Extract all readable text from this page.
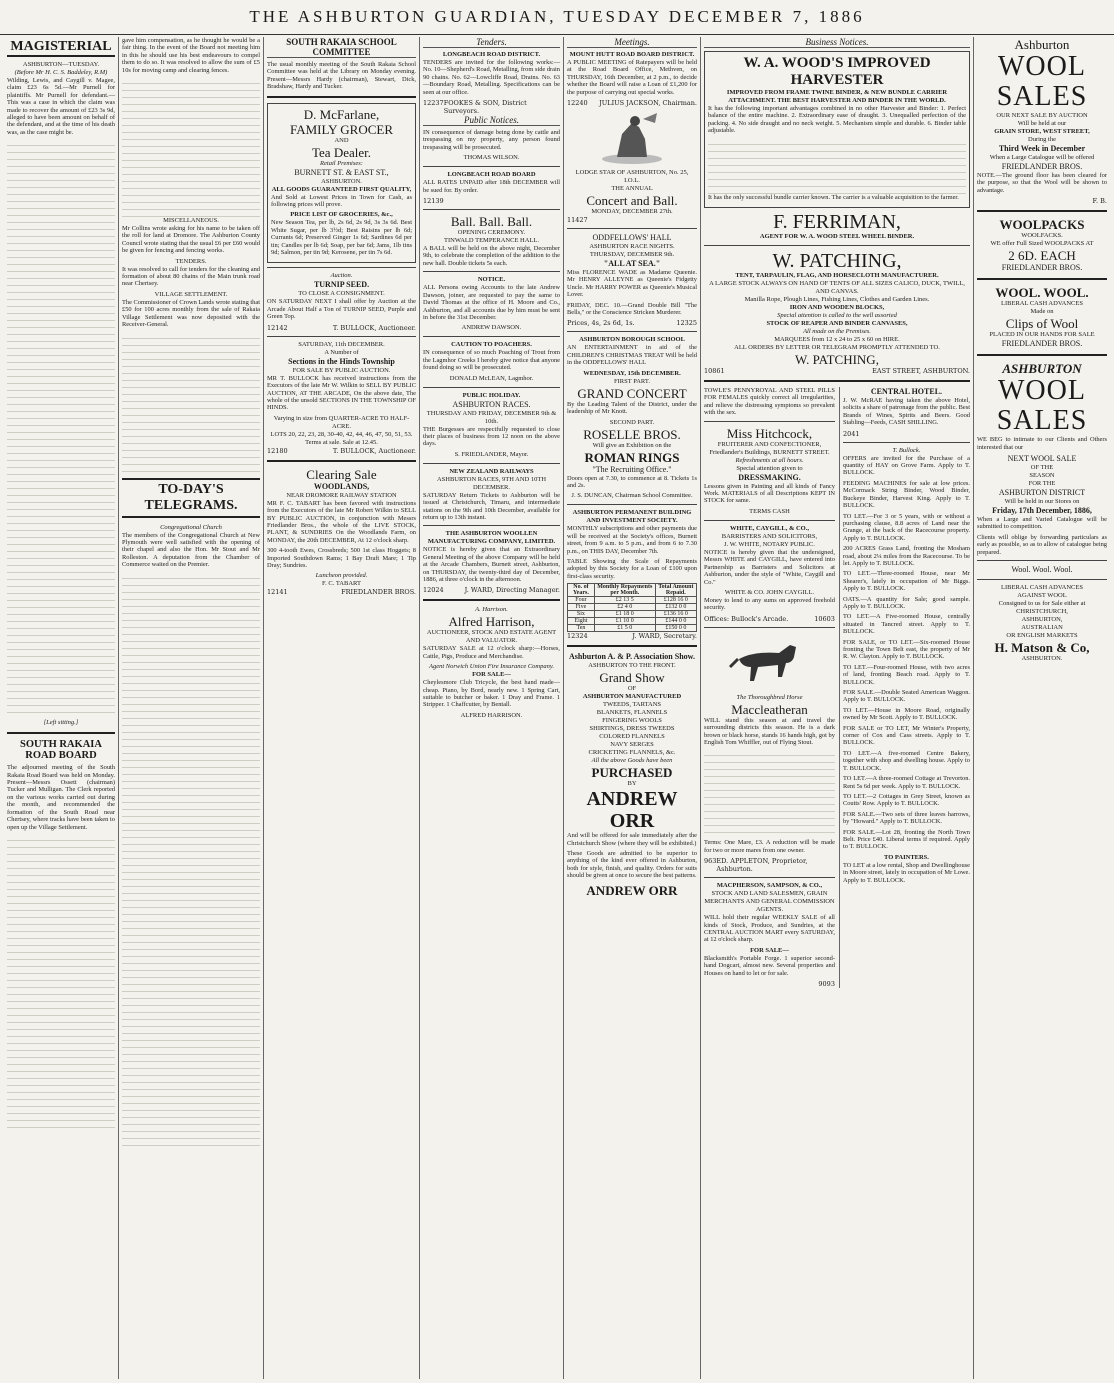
THE ASHBURTON GUARDIAN, TUESDAY DECEMBER 7, 1886
MAGISTERIAL
ASHBURTON—TUESDAY.
(Before Mr H. C. S. Baddeley, R.M)

Wilding, Lewis, and Caygill v. Magee, claim £23 6s 5d.—Mr Purnell for plaintiffs. Mr Purnell for defendant.—This was a case in which the claim was made to recover the amount of £23 3s 9d, alleged to have been amount on behalf of the defendant, and at the time of his death was, as the case might be.

[Left sitting.]
SOUTH RAKAIA ROAD BOARD

The adjourned meeting of the South Rakaia Road Board was held on Monday. Present—Messrs Ossett (chairman) Tucker and Mulligan. The Clerk reported on the various works carried out during the month, and recommended the formation of the South Road near Chertsey, where tracks have been taken to open up the Village Settlement.

gave him compensation, as he thought he would be a fair thing. In the event of the Board not meeting him in this he should use his best endeavours to compel them to do so. It was resolved to allow the sum of £5 10s for moving camp and clearing fences.

MISCELLANEOUS.

Mr Collins wrote asking for his name to be taken off the roll for land at Dromore. The Ashburton County Council wrote stating that the usual £6 per £60 would be given for fencing and fencing works.

TENDERS.

It was resolved to call for tenders for the cleaning and formation of about 80 chains of the Main trunk road near Chertsey.

VILLAGE SETTLEMENT.

The Commissioner of Crown Lands wrote stating that £50 for 100 acres monthly from the sale of Rakaia Village Settlement was now deposited with the Receiver-General.

TO-DAY'S TELEGRAMS.
Congregational Church

The members of the Congregational Church at New Plymouth were well satisfied with the opening of their chapel and also the Hon. Mr Stout and Mr Rolleston. A deputation from the Chamber of Commerce waited on the Premier.

SOUTH RAKAIA SCHOOL COMMITTEE

The usual monthly meeting of the South Rakaia School Committee was held at the Library on Monday evening. Present—Messrs Hardy (chairman), Stewart, Dick, Bradshaw, Hardy and Tucker.

D. McFarlane,
FAMILY GROCER
AND
Tea Dealer.
Retail Premises:
BURNETT ST. & EAST ST.,
ASHBURTON.
ALL GOODS GUARANTEED FIRST QUALITY,

And Sold at Lowest Prices in Town for Cash, as following prices will prove.

PRICE LIST OF GROCERIES, &c.,

New Season Tea, per lb, 2s 6d, 2s 9d, 3s 3s 6d. Best White Sugar, per lb 3½d; Best Raisins per lb 6d; Currants 6d; Preserved Ginger 1s 6d; Sardines 6d per tin; Candles per lb 6d; Soap, per bar 6d; Jams, 1lb tins 9d; Salmon, per tin 9d; Kerosene, per tin 7s 6d.

Auction.
TURNIP SEED.
TO CLOSE A CONSIGNMENT.

ON SATURDAY NEXT I shall offer by Auction at the Arcade About Half a Ton of TURNIP SEED, Purple and Green Top.

12142	T. BULLOCK, Auctioneer.
SATURDAY, 11th DECEMBER.
A Number of
Sections in the Hinds Township
FOR SALE BY PUBLIC AUCTION.

MR T. BULLOCK has received instructions from the Executors of the late Mr W. Wilkin to SELL BY PUBLIC AUCTION, AT THE ARCADE, On the above date, The whole of the unsold SECTIONS IN THE TOWNSHIP OF HINDS.

Varying in size from QUARTER-ACRE TO HALF-ACRE.
LOTS 20, 22, 23, 28, 30-40, 42, 44, 46, 47, 50, 51, 53.
Terms at sale. Sale at 12.45.
12180	T. BULLOCK, Auctioneer.
Clearing Sale
WOODLANDS,
NEAR DROMORE RAILWAY STATION

MR F. C. TABART has been favored with instructions from the Executors of the late Mr Robert Wilkin to SELL BY PUBLIC AUCTION, in conjunction with Messrs Friedlander Bros., the whole of the LIVE STOCK, PLANT, & SUNDRIES On the Woodlands Farm, on MONDAY, the 20th DECEMBER, At 12 o'clock sharp.

300 4-tooth Ewes, Crossbreds; 500 1st class Hoggets; 8 Imported Southdown Rams; 1 Bay Draft Mare; 1 Tip Dray; Sundries.

Luncheon provided.
F. C. TABART
12141	FRIEDLANDER BROS.
Tenders.
LONGBEACH ROAD DISTRICT.

TENDERS are invited for the following works:— No. 10—Shepherd's Road, Metalling, from side drain 90 chains. No. 62—Lowcliffe Road, Drains. No. 63—Boundary Road, Metalling. Specifications can be seen at our office.

12237 FOOKES & SON, District Surveyors.
Public Notices.

IN consequence of damage being done by cattle and trespassing on my property, any person found trespassing will be prosecuted.

THOMAS WILSON.
LONGBEACH ROAD BOARD

ALL RATES UNPAID after 18th DECEMBER will be sued for. By order.

12139
Ball. Ball. Ball.
OPENING CEREMONY.
TINWALD TEMPERANCE HALL.

A BALL will be held on the above night, December 9th, to celebrate the completion of the addition to the new hall. Double tickets 5s each.

NOTICE.

ALL Persons owing Accounts to the late Andrew Dawson, joiner, are requested to pay the same to David Thomas at the office of H. Moore and Co., Ashburton, and all accounts due by him must be sent in before the 31st December.

ANDREW DAWSON.
CAUTION TO POACHERS.

IN consequence of so much Poaching of Trout from the Lagmhor Creeks I hereby give notice that anyone found doing so will be prosecuted.

DONALD McLEAN, Lagmhor.
PUBLIC HOLIDAY.
ASHBURTON RACES.
THURSDAY AND FRIDAY, DECEMBER 9th & 10th.

THE Burgesses are respectfully requested to close their places of business from 12 noon on the above days.

S. FRIEDLANDER, Mayor.
NEW ZEALAND RAILWAYS
ASHBURTON RACES, 9TH AND 10TH DECEMBER.

SATURDAY Return Tickets to Ashburton will be issued at Christchurch, Timaru, and intermediate stations on the 9th and 10th December, available for return up to 13th instant.

THE ASHBURTON WOOLLEN MANUFACTURING COMPANY, LIMITED.

NOTICE is hereby given that an Extraordinary General Meeting of the above Company will be held at the Arcade Chambers, Burnett street, Ashburton, on THURSDAY, the twenty-third day of December, 1886, at three o'clock in the afternoon.

12024	J. WARD, Directing Manager.
A. Harrison.
Alfred Harrison,
AUCTIONEER, STOCK AND ESTATE AGENT AND VALUATOR.

SATURDAY SALE at 12 o'clock sharp:—Horses, Cattle, Pigs, Produce and Merchandise.

Agent Norwich Union Fire Insurance Company.
FOR SALE—

Cheylesmore Club Tricycle, the best hand made—cheap. Piano, by Bord, nearly new. 1 Spring Cart, suitable to butcher or baker. 1 Dray and Frame. 1 Stripper. 1 Chaffcutter, by Bentall.

ALFRED HARRISON.
Meetings.
MOUNT HUTT ROAD BOARD DISTRICT.

A PUBLIC MEETING of Ratepayers will be held at the Road Board Office, Methven, on THURSDAY, 16th December, at 2 p.m., to decide whether the Board will raise a Loan of £1,200 for the purpose of carrying out special works.

12240 JULIUS JACKSON, Chairman.
LODGE STAR OF ASHBURTON, No. 25, I.O.L.
THE ANNUAL
Concert and Ball.
MONDAY, DECEMBER 27th.
11427
ODDFELLOWS' HALL
ASHBURTON RACE NIGHTS.
THURSDAY, DECEMBER 9th.
"ALL AT SEA."

Miss FLORENCE WADE as Madame Queenie. Mr HENRY ALLEYNE as Queenie's Fidgetty Uncle. Mr HARRY POWER as Queenie's Musical Lover.

FRIDAY, DEC. 10.—Grand Double Bill "The Bells," or the Conscience Stricken Murderer.

Prices, 4s, 2s 6d, 1s.	12325
ASHBURTON BOROUGH SCHOOL

AN ENTERTAINMENT in aid of the CHILDREN'S CHRISTMAS TREAT Will be held in the ODDFELLOWS' HALL

WEDNESDAY, 15th DECEMBER.
FIRST PART.
GRAND CONCERT

By the Leading Talent of the District, under the leadership of Mr Knott.

SECOND PART.
ROSELLE BROS.
Will give an Exhibition on the
ROMAN RINGS
"The Recruiting Office."

Doors open at 7.30, to commence at 8. Tickets 1s and 2s.

J. S. DUNCAN, Chairman School Committee.
ASHBURTON PERMANENT BUILDING AND INVESTMENT SOCIETY.

MONTHLY subscriptions and other payments due will be received at the Society's offices, Burnett street, from 9 a.m. to 5 p.m., and from 6 to 7.30 p.m., on THIS DAY, December 7th.

TABLE Showing the Scale of Repayments adopted by this Society for a Loan of £100 upon first-class security.

No. of Years.	Monthly Repayments per Month.	Total Amount Repaid.
Four	£2 13 5	£128 16 0
Five	£2 4 0	£132 0 0
Six	£1 18 0	£136 16 0
Eight	£1 10 0	£144 0 0
Ten	£1 5 0	£150 0 0
12324	J. WARD, Secretary.
Ashburton A. & P. Association Show.
ASHBURTON TO THE FRONT.
Grand Show
OF
ASHBURTON MANUFACTURED
TWEEDS, TARTANS
BLANKETS, FLANNELS
FINGERING WOOLS
SHIRTINGS, DRESS TWEEDS
COLORED FLANNELS
NAVY SERGES
CRICKETING FLANNELS, &c.
All the above Goods have been
PURCHASED
BY
ANDREW ORR

And will be offered for sale immediately after the Christchurch Show (where they will be exhibited.)

These Goods are admitted to be superior to anything of the kind ever offered in Ashburton, both for style, finish, and quality. Orders for suits should be given at once to secure the best patterns.

ANDREW ORR
Business Notices.
W. A. WOOD'S IMPROVED HARVESTER
IMPROVED FROM FRAME TWINE BINDER, & NEW BUNDLE CARRIER ATTACHMENT. THE BEST HARVESTER AND BINDER IN THE WORLD.

It has the following important advantages combined in no other Harvester and Binder: 1. Perfect balance of the entire machine. 2. Extraordinary ease of draught. 3. Unequalled perfection of the packing. 4. No side draught and no neck weight. 5. Mechanism simple and durable. 6. Binder table adjustable.

It has the only successful bundle carrier known. The carrier is a valuable acquisition to the farmer.

F. FERRIMAN,
AGENT FOR W. A. WOOD STEEL WHEEL BINDER.
W. PATCHING,
TENT, TARPAULIN, FLAG, AND HORSECLOTH MANUFACTURER.
A LARGE STOCK ALWAYS ON HAND OF TENTS OF ALL SIZES CALICO, DUCK, TWILL, AND CANVAS.
Manilla Rope, Plough Lines, Fishing Lines, Clothes and Garden Lines.
IRON AND WOODEN BLOCKS,
Special attention is called to the well assorted
STOCK OF REAPER AND BINDER CANVASES,
All made on the Premises.
MARQUEES from 12 x 24 to 25 x 60 on HIRE.
ALL ORDERS BY LETTER OR TELEGRAM PROMPTLY ATTENDED TO.
W. PATCHING,
10861	EAST STREET, ASHBURTON.

TOWLE'S PENNYROYAL AND STEEL PILLS FOR FEMALES quickly correct all irregularities, and relieve the distressing symptoms so prevalent with the sex.

Miss Hitchcock,
FRUITERER AND CONFECTIONER, Friedlander's Buildings, BURNETT STREET.
Refreshments at all hours.
Special attention given to
DRESSMAKING.

Lessons given in Painting and all kinds of Fancy Work. MATERIALS of all Descriptions KEPT IN STOCK for same.

TERMS CASH
WHITE, CAYGILL, & CO.,
BARRISTERS AND SOLICITORS,
J. W. WHITE, NOTARY PUBLIC.

NOTICE is hereby given that the undersigned, Messrs WHITE and CAYGILL, have entered into Partnership as Barristers and Solicitors at Ashburton, under the style of "White, Caygill and Co."

WHITE & CO. JOHN CAYGILL.

Money to lend to any sums on approved freehold security.

Offices: Bullock's Arcade.	10603
The Thoroughbred Horse
Maccleatheran

WILL stand this season at and travel the surrounding districts this season. He is a dark brown or black horse, stands 16 hands high, got by English Tom Whiffler, out of Flying Stout.

Terms: One Mare, £3. A reduction will be made for two or more mares from one owner.

963 ED. APPLETON, Proprietor, Ashburton.
MACPHERSON, SAMPSON, & CO.,
STOCK AND LAND SALESMEN, GRAIN MERCHANTS AND GENERAL COMMISSION AGENTS.

WILL hold their regular WEEKLY SALE of all kinds of Stock, Produce, and Sundries, at the CENTRAL AUCTION MART every SATURDAY, at 12 o'clock sharp.

FOR SALE—

Blacksmith's Portable Forge. 1 superior second-hand Dogcart, almost new. Several properties and Houses on hand to let or for sale.

9093
CENTRAL HOTEL.

J. W. McRAE having taken the above Hotel, solicits a share of patronage from the public. Best Brands of Wines, Spirits and Beers. Good Stabling—Feeds, CASH SHILLING.

2041
T. Bullock.

OFFERS are invited for the Purchase of a quantity of HAY on Grove Farm. Apply to T. BULLOCK.

FEEDING MACHINES for sale at low prices. McCormack String Binder, Wood Binder, Buckeye Binder, Harvest King. Apply to T. BULLOCK.

TO LET.—For 3 or 5 years, with or without a purchasing clause, 8.8 acres of Land near the Grange, at the back of the Racecourse property. Apply to T. BULLOCK.

200 ACRES Grass Land, fronting the Mosham road, about 2¼ miles from the Racecourse. To be let. Apply to T. BULLOCK.

TO LET.—Three-roomed House, near Mr Shearer's, lately in occupation of Mr Biggs. Apply to T. BULLOCK.

OATS.—A quantity for Sale; good sample. Apply to T. BULLOCK.

TO LET.—A Five-roomed House, centrally situated in Tancred street. Apply to T. BULLOCK.

FOR SALE, or TO LET.—Six-roomed House fronting the Town Belt east, the property of Mr R. W. Clayton. Apply to T. BULLOCK.

TO LET.—Four-roomed House, with two acres of land, fronting Beach road. Apply to T. BULLOCK.

FOR SALE.—Double Seated American Waggon. Apply to T. BULLOCK.

TO LET.—House in Moore Road, originally owned by Mr Scott. Apply to T. BULLOCK.

FOR SALE or TO LET, Mr Winter's Property, corner of Cox and Cass streets. Apply to T. BULLOCK.

TO LET.—A five-roomed Centre Bakery, together with shop and dwelling house. Apply to T. BULLOCK.

TO LET.—A three-roomed Cottage at Trevorton. Rent 5s 6d per week. Apply to T. BULLOCK.

TO LET.—2 Cottages in Grey Street, known as Coutts' Row. Apply to T. BULLOCK.

FOR SALE.—Two sets of three leaves harrows, by "Howard." Apply to T. BULLOCK.

FOR SALE.—Lot 28, fronting the North Town Belt. Price £40. Liberal terms if required. Apply to T. BULLOCK.

TO PAINTERS.

TO LET at a low rental, Shop and Dwellinghouse in Moore street, lately in occupation of Mr Lowe. Apply to T. BULLOCK.

Ashburton
WOOL SALES
OUR NEXT SALE BY AUCTION
Will be held at our
GRAIN STORE, WEST STREET,
During the
Third Week in December
When a Large Catalogue will be offered
FRIEDLANDER BROS.

NOTE.—The ground floor has been cleared for the purpose, so that the Wool will be shown to advantage.

F. B.
WOOLPACKS
WOOLFACKS.
WE offer Full Sized WOOLPACKS AT
2 6D. EACH
FRIEDLANDER BROS.
WOOL. WOOL.
LIBERAL CASH ADVANCES
Made on
Clips of Wool
PLACED IN OUR HANDS FOR SALE
FRIEDLANDER BROS.
ASHBURTON
WOOL SALES

WE BEG to intimate to our Clients and Others interested that our

NEXT WOOL SALE
OF THE
SEASON
FOR THE
ASHBURTON DISTRICT
Will be held in our Stores on
Friday, 17th December, 1886,

When a Large and Varied Catalogue will be submitted to competition.

Clients will oblige by forwarding particulars as early as possible, so as to allow of catalogue being prepared.

Wool. Wool. Wool.
LIBERAL CASH ADVANCES
AGAINST WOOL
Consigned to us for Sale either at
CHRISTCHURCH,
ASHBURTON,
AUSTRALIAN
OR ENGLISH MARKETS
H. Matson & Co,
ASHBURTON.
